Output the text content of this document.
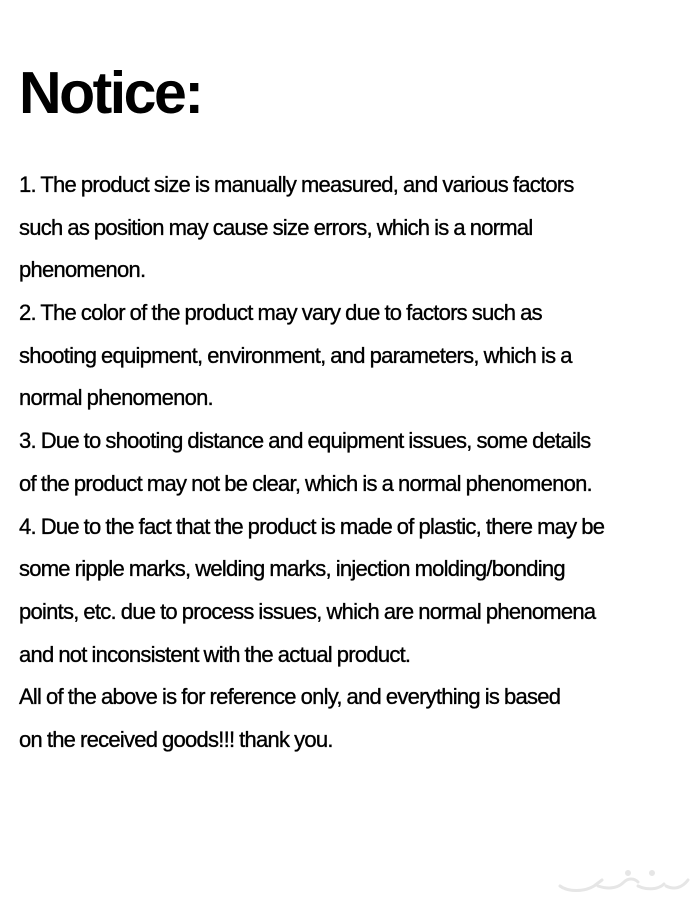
Notice:
1. The product size is manually measured, and various factors
such as position may cause size errors, which is a normal
phenomenon.
2. The color of the product may vary due to factors such as
shooting equipment, environment, and parameters, which is a
normal phenomenon.
3. Due to shooting distance and equipment issues, some details
of the product may not be clear, which is a normal phenomenon.
4. Due to the fact that the product is made of plastic, there may be
some ripple marks, welding marks, injection molding/bonding
points, etc. due to process issues, which are normal phenomena
and not inconsistent with the actual product.
All of the above is for reference only, and everything is based
on the received goods!!! thank you.
